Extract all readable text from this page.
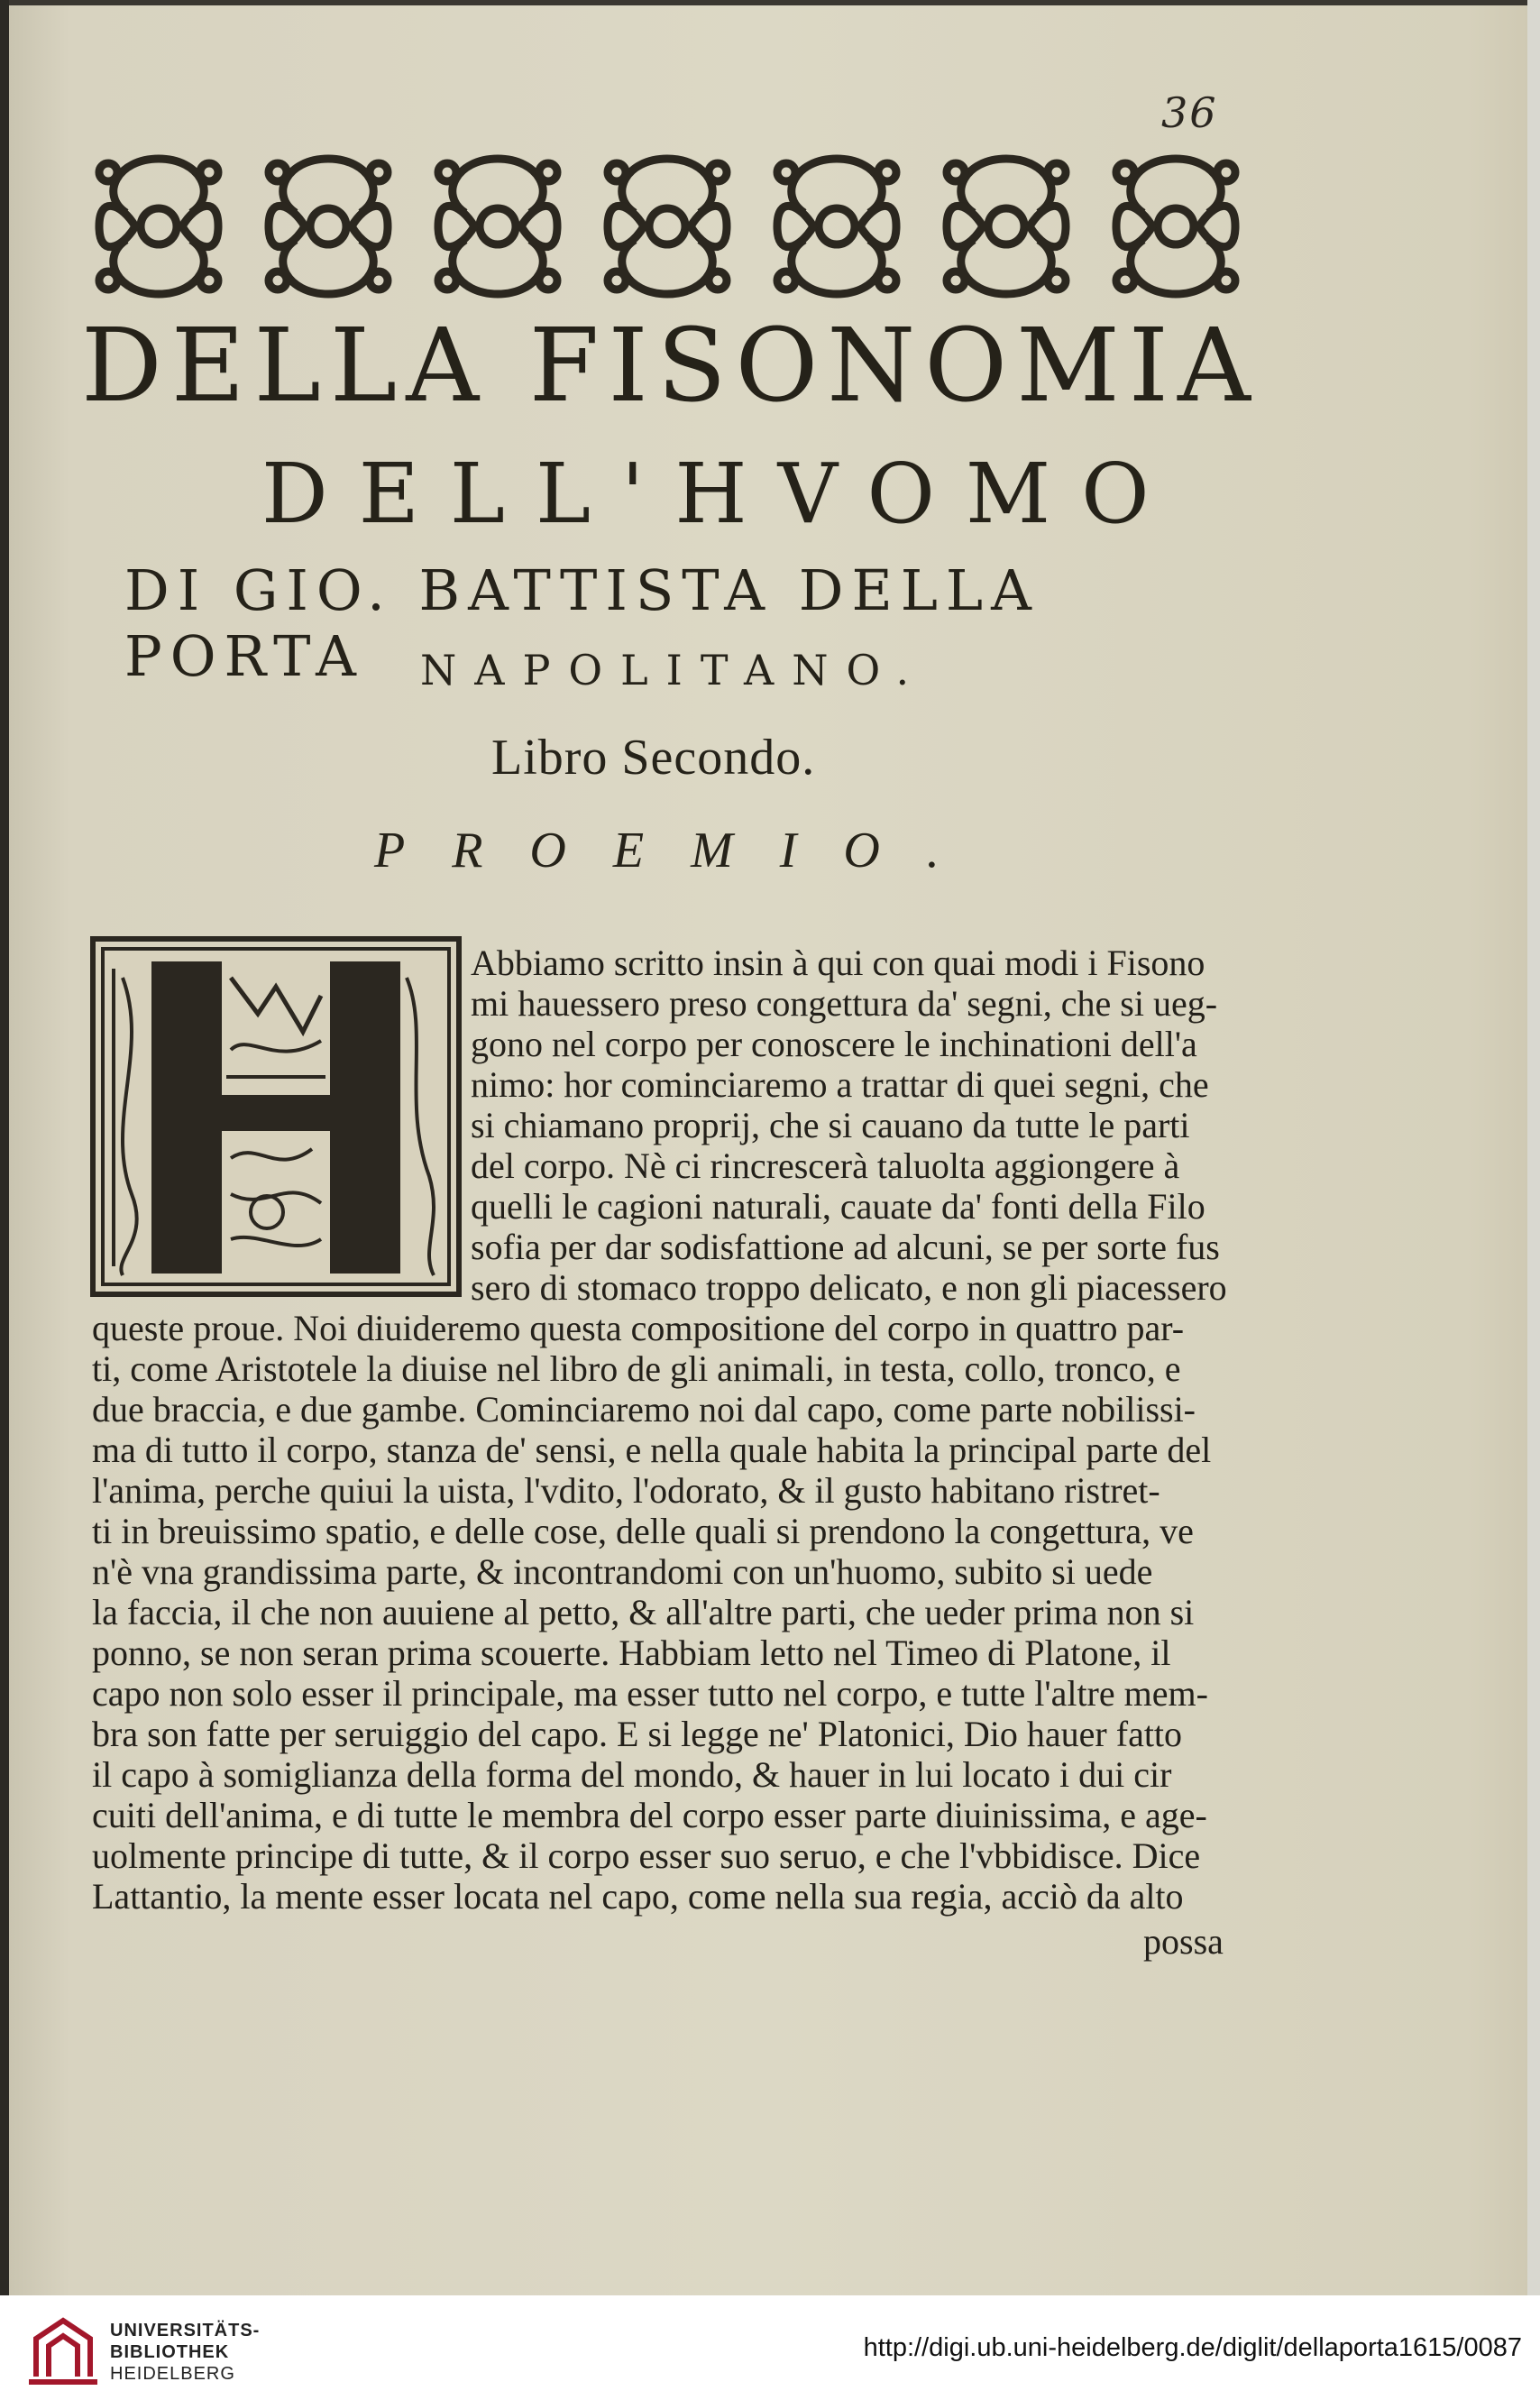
36
DELLA FISONOMIA
DELL'HVOMO
DI GIO. BATTISTA DELLA PORTA	NAPOLITANO.
Libro Secondo.
PROEMIO.
Abbiamo scritto insin à qui con quai modi i Fisono
mi hauessero preso congettura da' segni, che si ueg-
gono nel corpo per conoscere le inchinationi dell'a
nimo: hor cominciaremo a trattar di quei segni, che
si chiamano proprij, che si cauano da tutte le parti
del corpo. Nè ci rincrescerà taluolta aggiongere à
quelli le cagioni naturali, cauate da' fonti della Filo
sofia per dar sodisfattione ad alcuni, se per sorte fus
sero di stomaco troppo delicato, e non gli piacessero
queste proue. Noi diuideremo questa compositione del corpo in quattro par-
ti, come Aristotele la diuise nel libro de gli animali, in testa, collo, tronco, e
due braccia, e due gambe. Cominciaremo noi dal capo, come parte nobilissi-
ma di tutto il corpo, stanza de' sensi, e nella quale habita la principal parte del
l'anima, perche quiui la uista, l'vdito, l'odorato, & il gusto habitano ristret-
ti in breuissimo spatio, e delle cose, delle quali si prendono la congettura, ve
n'è vna grandissima parte, & incontrandomi con un'huomo, subito si uede
la faccia, il che non auuiene al petto, & all'altre parti, che ueder prima non si
ponno, se non seran prima scouerte. Habbiam letto nel Timeo di Platone, il
capo non solo esser il principale, ma esser tutto nel corpo, e tutte l'altre mem-
bra son fatte per seruiggio del capo. E si legge ne' Platonici, Dio hauer fatto
il capo à somiglianza della forma del mondo, & hauer in lui locato i dui cir
cuiti dell'anima, e di tutte le membra del corpo esser parte diuinissima, e age-
uolmente principe di tutte, & il corpo esser suo seruo, e che l'vbbidisce. Dice
Lattantio, la mente esser locata nel capo, come nella sua regia, acciò da alto
possa
UNIVERSITÄTS-
BIBLIOTHEK
HEIDELBERG
http://digi.ub.uni-heidelberg.de/diglit/dellaporta1615/0087
